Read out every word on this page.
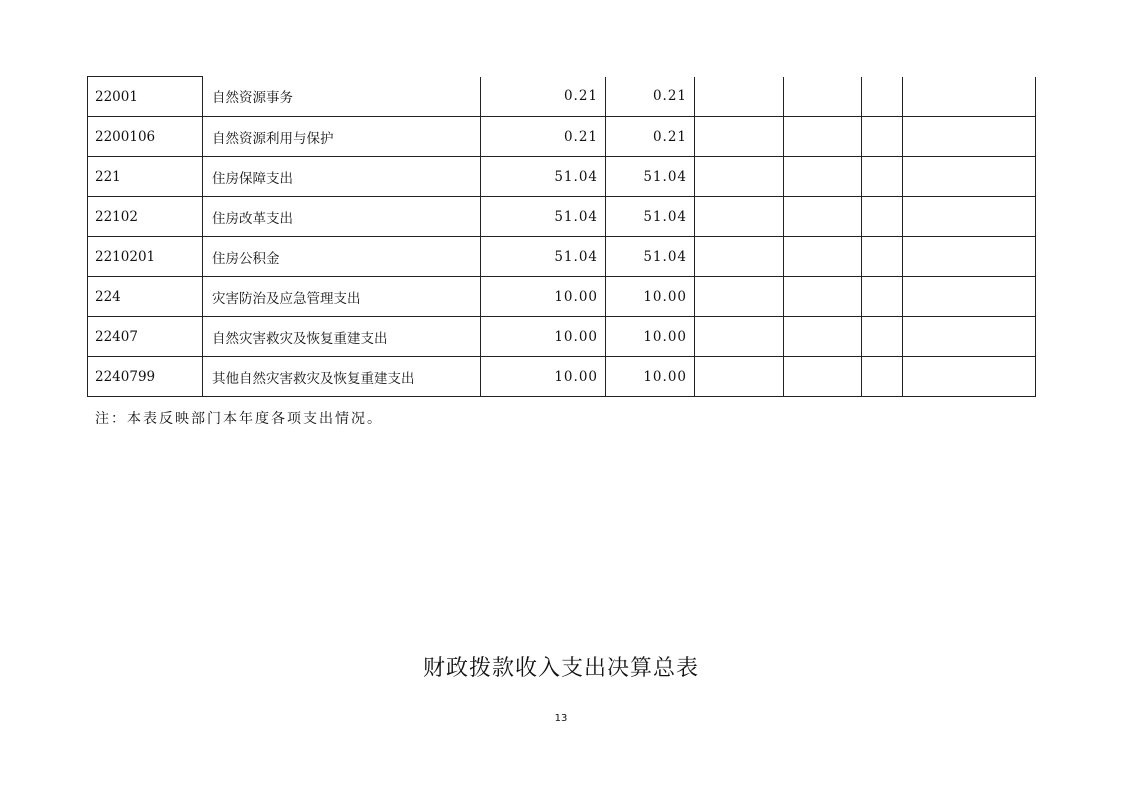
22001	自然资源事务	0.21	0.21				
2200106	自然资源利用与保护	0.21	0.21				
221	住房保障支出	51.04	51.04				
22102	住房改革支出	51.04	51.04				
2210201	住房公积金	51.04	51.04				
224	灾害防治及应急管理支出	10.00	10.00				
22407	自然灾害救灾及恢复重建支出	10.00	10.00				
2240799	其他自然灾害救灾及恢复重建支出	10.00	10.00				
注：本表反映部门本年度各项支出情况。
财政拨款收入支出决算总表
13
